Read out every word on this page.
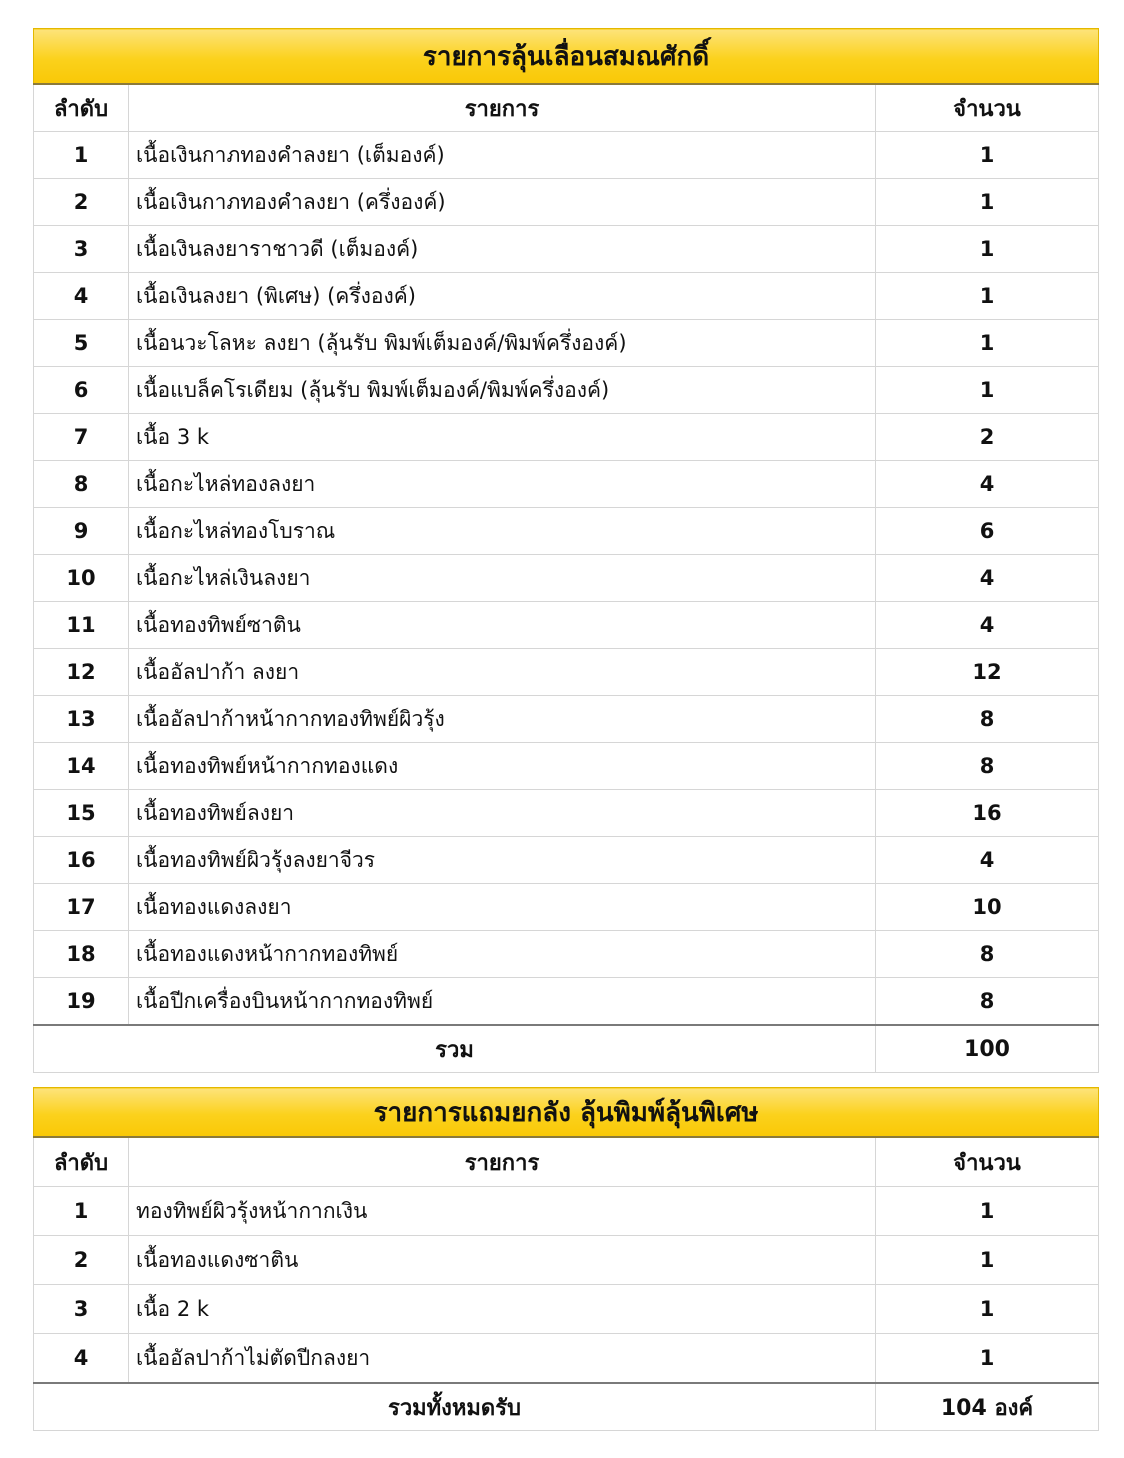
รายการลุ้นเลื่อนสมณศักดิ์		
ลำดับ	รายการ	จำนวน
1	เนื้อเงินกาภทองคำลงยา (เต็มองค์)	1
2	เนื้อเงินกาภทองคำลงยา (ครึ่งองค์)	1
3	เนื้อเงินลงยาราชาวดี (เต็มองค์)	1
4	เนื้อเงินลงยา (พิเศษ) (ครึ่งองค์)	1
5	เนื้อนวะโลหะ ลงยา (ลุ้นรับ พิมพ์เต็มองค์/พิมพ์ครึ่งองค์)	1
6	เนื้อแบล็คโรเดียม (ลุ้นรับ พิมพ์เต็มองค์/พิมพ์ครึ่งองค์)	1
7	เนื้อ 3 k	2
8	เนื้อกะไหล่ทองลงยา	4
9	เนื้อกะไหล่ทองโบราณ	6
10	เนื้อกะไหล่เงินลงยา	4
11	เนื้อทองทิพย์ซาติน	4
12	เนื้ออัลปาก้า ลงยา	12
13	เนื้ออัลปาก้าหน้ากากทองทิพย์ผิวรุ้ง	8
14	เนื้อทองทิพย์หน้ากากทองแดง	8
15	เนื้อทองทิพย์ลงยา	16
16	เนื้อทองทิพย์ผิวรุ้งลงยาจีวร	4
17	เนื้อทองแดงลงยา	10
18	เนื้อทองแดงหน้ากากทองทิพย์	8
19	เนื้อปีกเครื่องบินหน้ากากทองทิพย์	8
รวม		100
รายการแถมยกลัง ลุ้นพิมพ์ลุ้นพิเศษ		
ลำดับ	รายการ	จำนวน
1	ทองทิพย์ผิวรุ้งหน้ากากเงิน	1
2	เนื้อทองแดงซาติน	1
3	เนื้อ 2 k	1
4	เนื้ออัลปาก้าไม่ตัดปีกลงยา	1
รวมทั้งหมดรับ		104 องค์
